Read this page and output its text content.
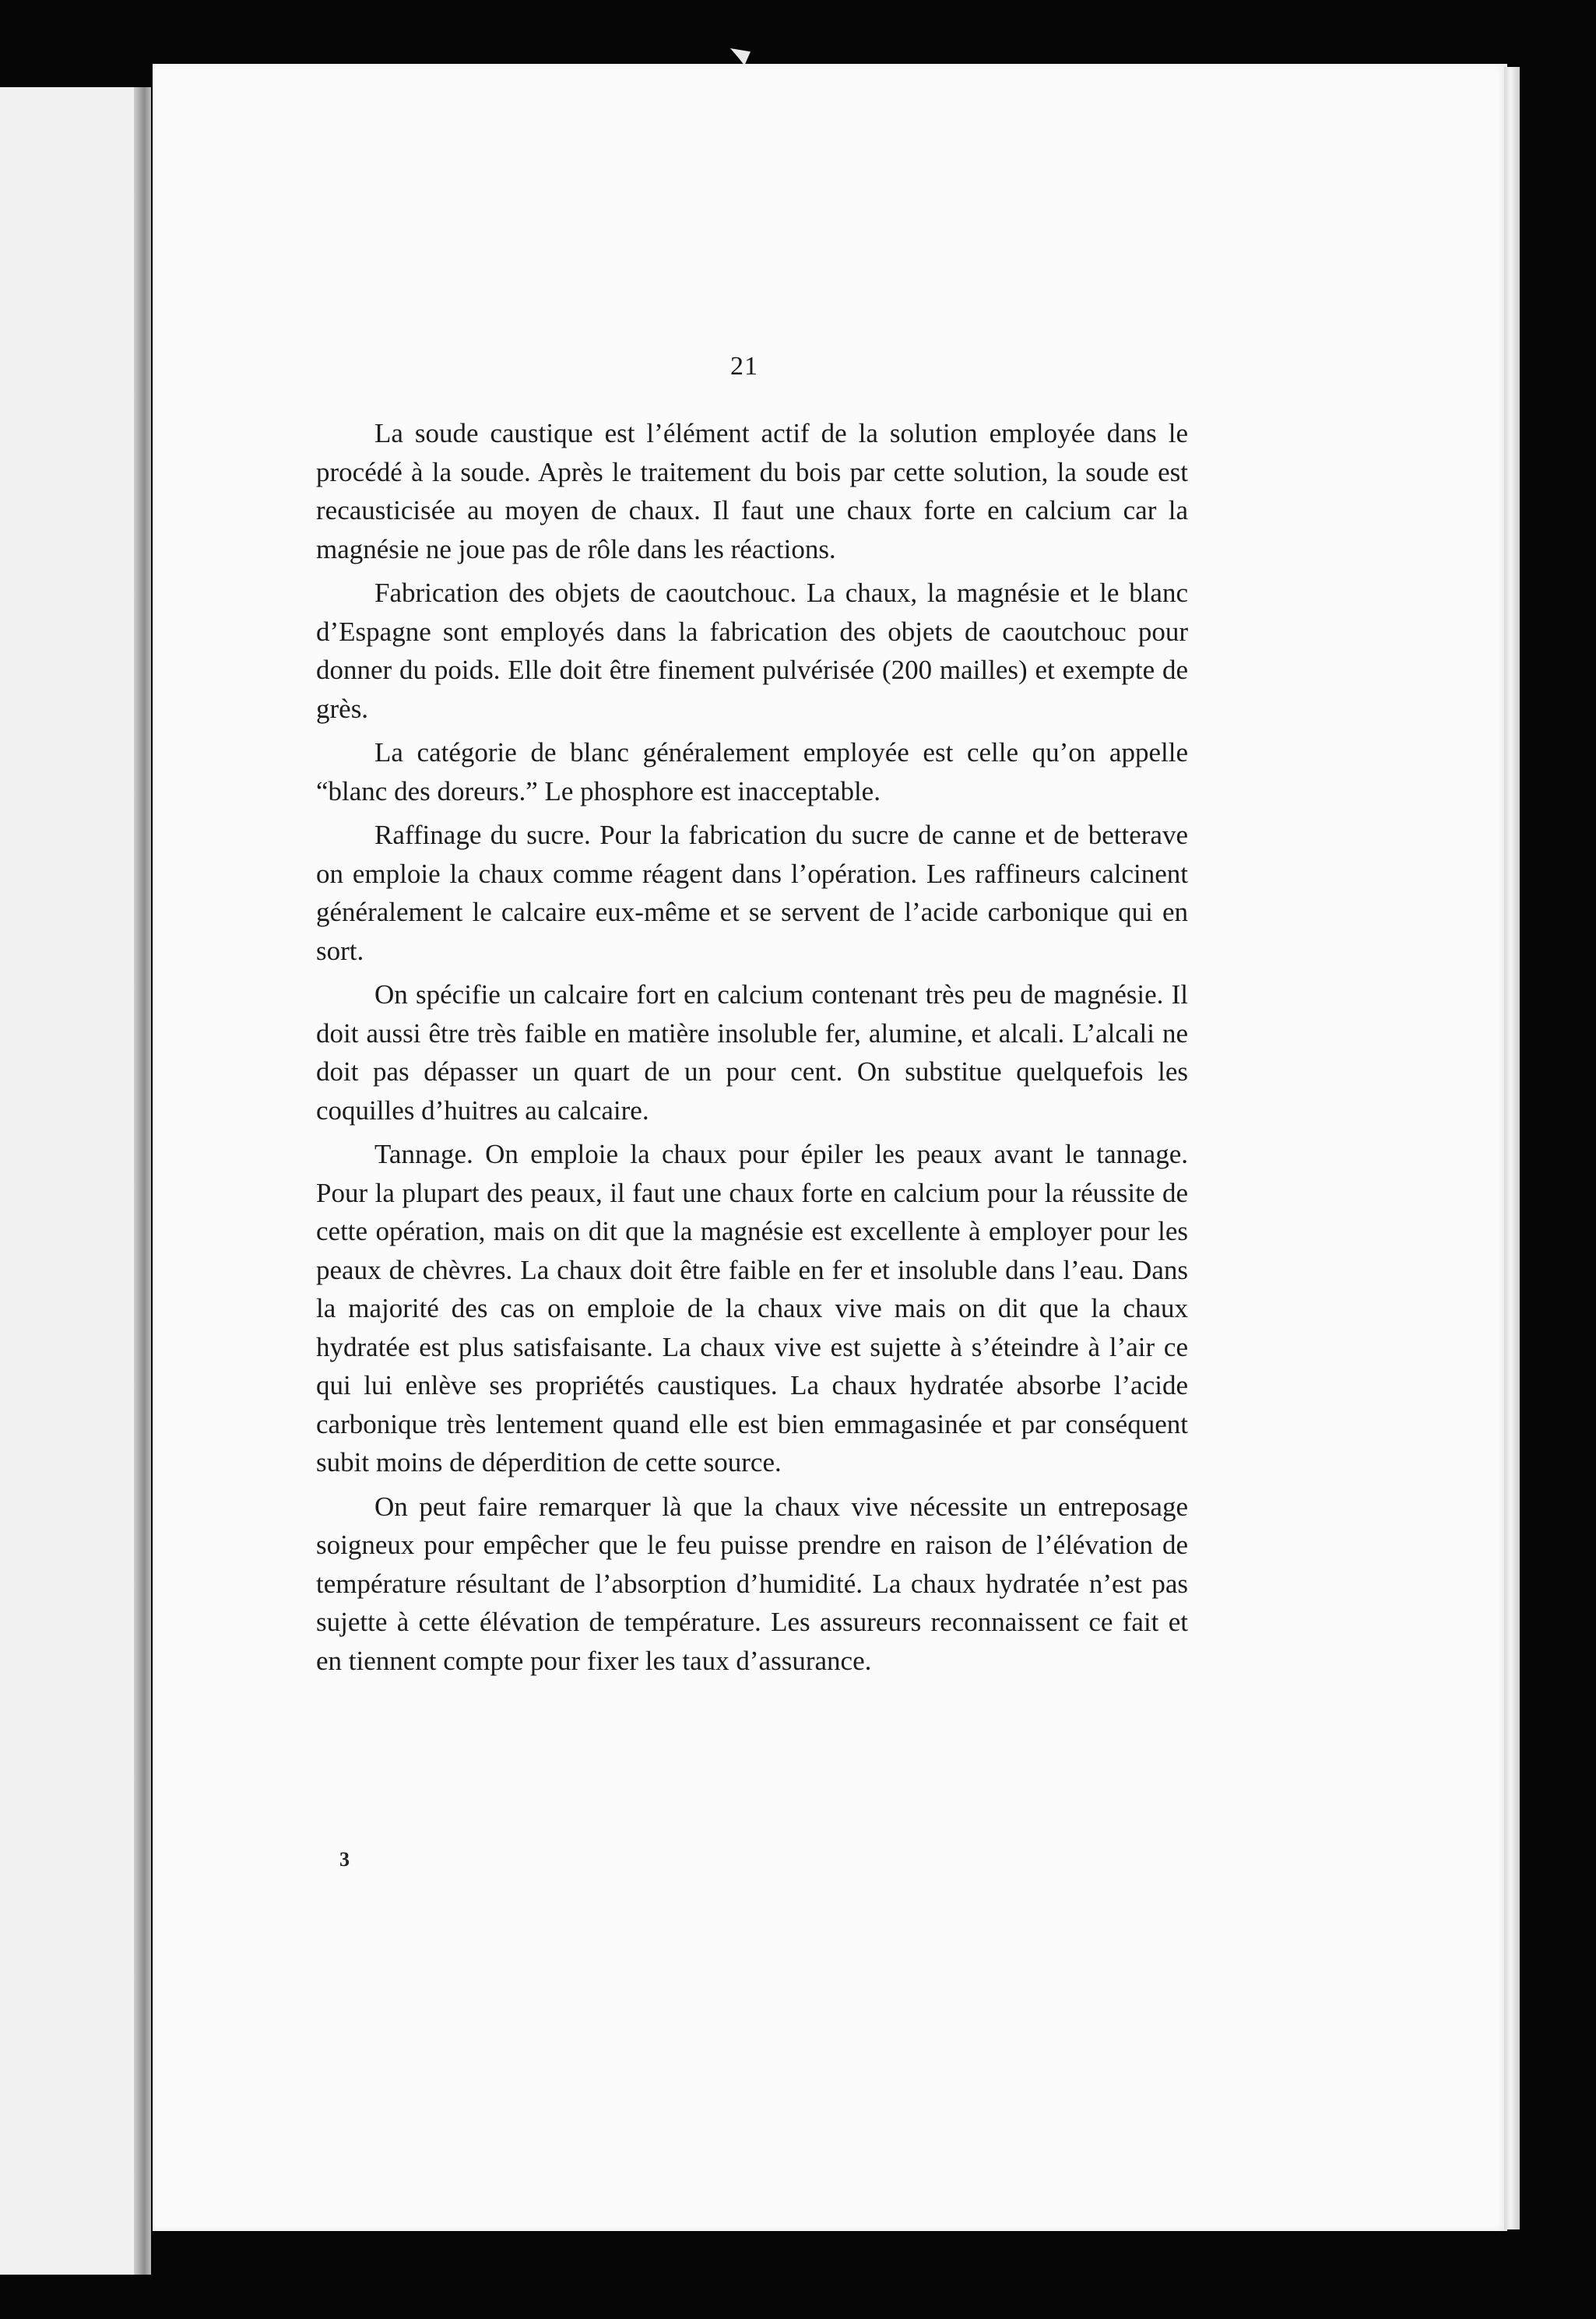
21

La soude caustique est l’élément actif de la solution employée dans le procédé à la soude. Après le traitement du bois par cette solution, la soude est recausticisée au moyen de chaux. Il faut une chaux forte en calcium car la magnésie ne joue pas de rôle dans les réactions.

Fabrication des objets de caoutchouc. La chaux, la magnésie et le blanc d’Espagne sont employés dans la fabrication des objets de caoutchouc pour donner du poids. Elle doit être finement pulvérisée (200 mailles) et exempte de grès.

La catégorie de blanc généralement employée est celle qu’on appelle “blanc des doreurs.” Le phosphore est inacceptable.

Raffinage du sucre. Pour la fabrication du sucre de canne et de betterave on emploie la chaux comme réagent dans l’opération. Les raffineurs calcinent généralement le calcaire eux-même et se servent de l’acide carbonique qui en sort.

On spécifie un calcaire fort en calcium contenant très peu de magnésie. Il doit aussi être très faible en matière insoluble fer, alumine, et alcali. L’alcali ne doit pas dépasser un quart de un pour cent. On substitue quelquefois les coquilles d’huitres au calcaire.

Tannage. On emploie la chaux pour épiler les peaux avant le tannage. Pour la plupart des peaux, il faut une chaux forte en calcium pour la réussite de cette opération, mais on dit que la magnésie est excellente à employer pour les peaux de chèvres. La chaux doit être faible en fer et insoluble dans l’eau. Dans la majorité des cas on emploie de la chaux vive mais on dit que la chaux hydratée est plus satisfaisante. La chaux vive est sujette à s’éteindre à l’air ce qui lui enlève ses propriétés caustiques. La chaux hydratée absorbe l’acide carbonique très lentement quand elle est bien emmagasinée et par conséquent subit moins de déperdition de cette source.

On peut faire remarquer là que la chaux vive nécessite un entreposage soigneux pour empêcher que le feu puisse prendre en raison de l’élévation de température résultant de l’absorption d’humidité. La chaux hydratée n’est pas sujette à cette élévation de température. Les assureurs reconnaissent ce fait et en tiennent compte pour fixer les taux d’assurance.

3
